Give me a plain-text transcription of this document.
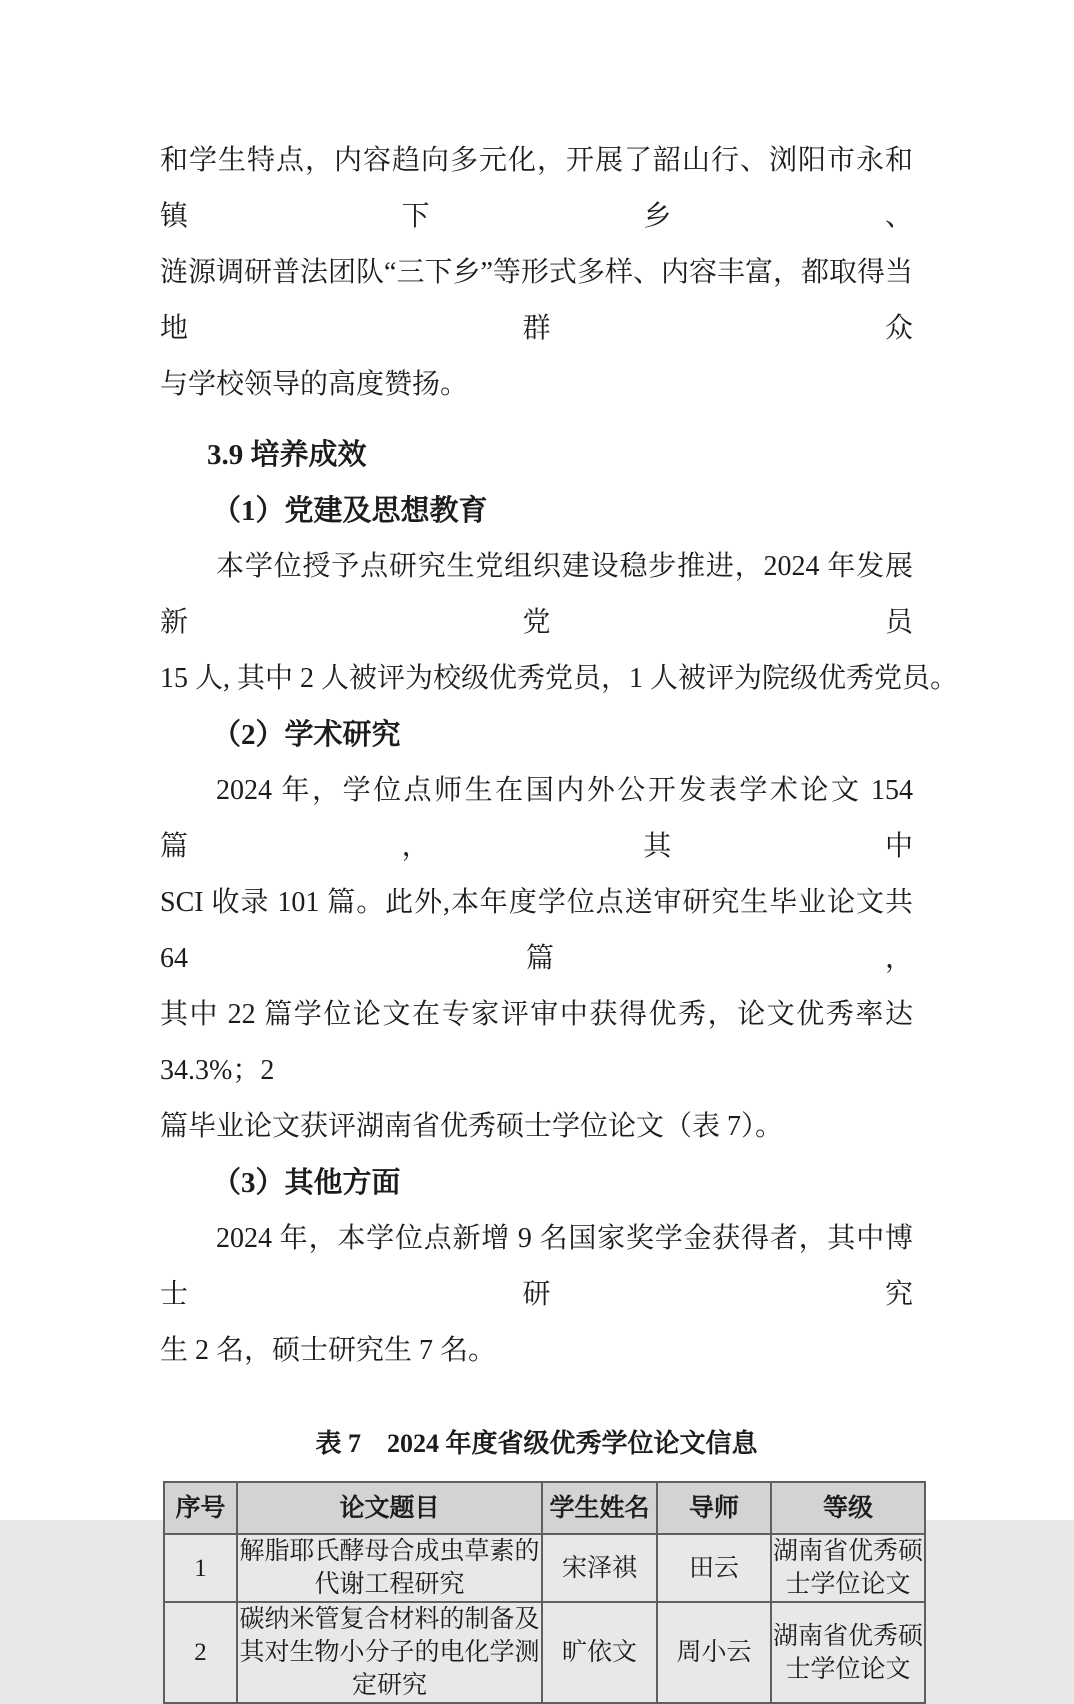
和学生特点，内容趋向多元化，开展了韶山行、浏阳市永和镇下乡、
涟源调研普法团队“三下乡”等形式多样、内容丰富，都取得当地群众
与学校领导的高度赞扬。
3.9 培养成效
（1）党建及思想教育
本学位授予点研究生党组织建设稳步推进，2024 年发展新党员
15 人, 其中 2 人被评为校级优秀党员，1 人被评为院级优秀党员。
（2）学术研究
2024 年，学位点师生在国内外公开发表学术论文 154 篇，其中
SCI 收录 101 篇。此外,本年度学位点送审研究生毕业论文共 64 篇，
其中 22 篇学位论文在专家评审中获得优秀，论文优秀率达 34.3%；2
篇毕业论文获评湖南省优秀硕士学位论文（表 7）。
（3）其他方面
2024 年，本学位点新增 9 名国家奖学金获得者，其中博士研究
生 2 名，硕士研究生 7 名。
表 7　2024 年度省级优秀学位论文信息
序号	论文题目	学生姓名	导师	等级
1	解脂耶氏酵母合成虫草素的代谢工程研究	宋泽祺	田云	湖南省优秀硕士学位论文
2	碳纳米管复合材料的制备及其对生物小分子的电化学测定研究	旷依文	周小云	湖南省优秀硕士学位论文
